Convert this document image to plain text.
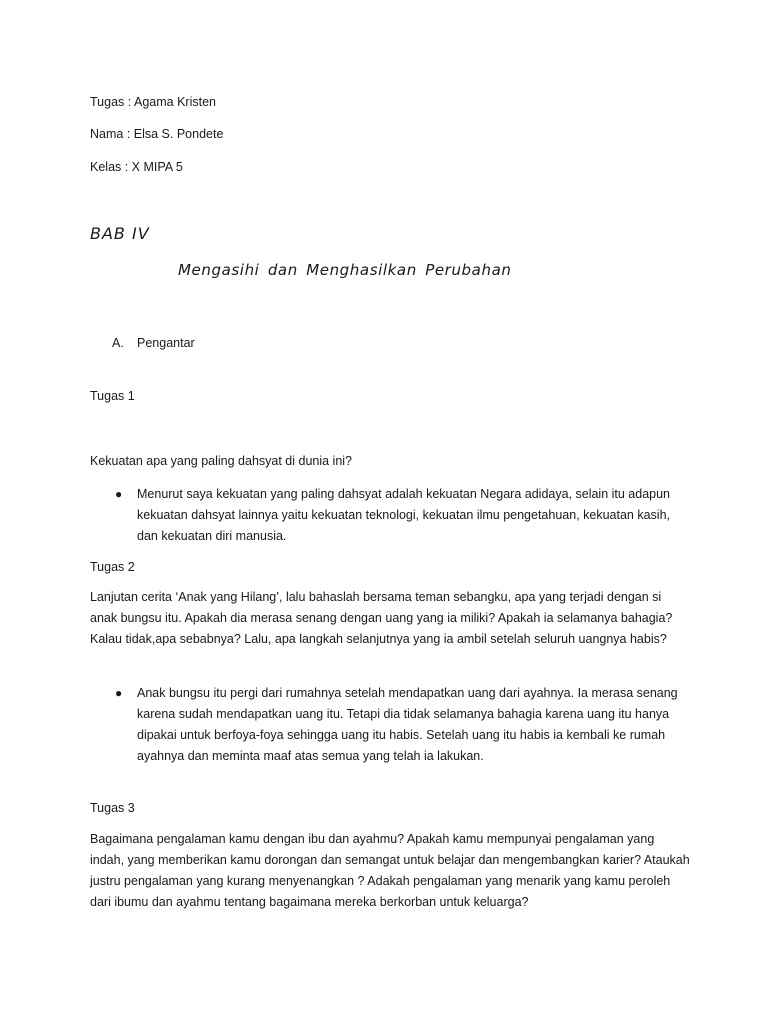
Tugas : Agama Kristen
Nama : Elsa S. Pondete
Kelas : X MIPA 5
BAB IV
Mengasihi dan Menghasilkan Perubahan
A. Pengantar
Tugas 1

Kekuatan apa yang paling dahsyat di dunia ini?

●	Menurut saya kekuatan yang paling dahsyat adalah kekuatan Negara adidaya, selain itu adapun kekuatan dahsyat lainnya yaitu kekuatan teknologi, kekuatan ilmu pengetahuan, kekuatan kasih, dan kekuatan diri manusia.
Tugas 2

Lanjutan cerita ‘Anak yang Hilang’, lalu bahaslah bersama teman sebangku, apa yang terjadi dengan si anak bungsu itu. Apakah dia merasa senang dengan uang yang ia miliki? Apakah ia selamanya bahagia? Kalau tidak,apa sebabnya? Lalu, apa langkah selanjutnya yang ia ambil setelah seluruh uangnya habis?

●	Anak bungsu itu pergi dari rumahnya setelah mendapatkan uang dari ayahnya. Ia merasa senang karena sudah mendapatkan uang itu. Tetapi dia tidak selamanya bahagia karena uang itu hanya dipakai untuk berfoya-foya sehingga uang itu habis. Setelah uang itu habis ia kembali ke rumah ayahnya dan meminta maaf atas semua yang telah ia lakukan.
Tugas 3

Bagaimana pengalaman kamu dengan ibu dan ayahmu? Apakah kamu mempunyai pengalaman yang indah, yang memberikan kamu dorongan dan semangat untuk belajar dan mengembangkan karier? Ataukah justru pengalaman yang kurang menyenangkan ? Adakah pengalaman yang menarik yang kamu peroleh dari ibumu dan ayahmu tentang bagaimana mereka berkorban untuk keluarga?
